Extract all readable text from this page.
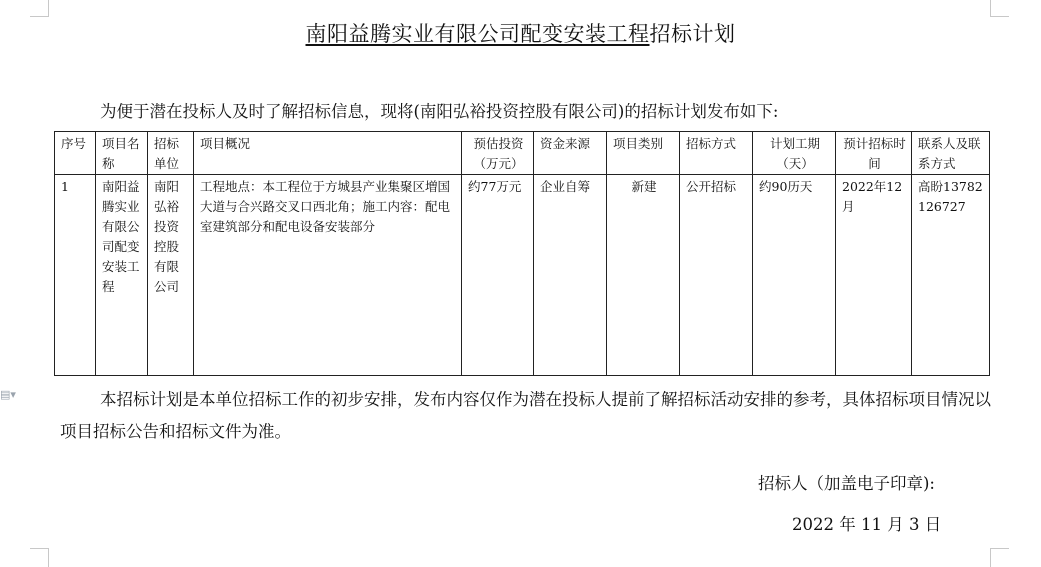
▤▾
南阳益腾实业有限公司配变安装工程招标计划
为便于潜在投标人及时了解招标信息，现将(南阳弘裕投资控股有限公司)的招标计划发布如下:
序号	项目名称	招标单位	项目概况	预估投资（万元）	资金来源	项目类别	招标方式	计划工期（天）	预计招标时间	联系人及联系方式
1	南阳益腾实业有限公司配变安装工程	南阳弘裕投资控股有限公司	工程地点：本工程位于方城县产业集聚区増国大道与合兴路交叉口西北角；施工内容：配电室建筑部分和配电设备安装部分	约77万元	企业自筹	新建	公开招标	约90历天	2022年12月	高盼13782126727
本招标计划是本单位招标工作的初步安排，发布内容仅作为潜在投标人提前了解招标活动安排的参考，具体招标项目情况以项目招标公告和招标文件为准。
招标人（加盖电子印章):
2022 年 11 月 3 日
